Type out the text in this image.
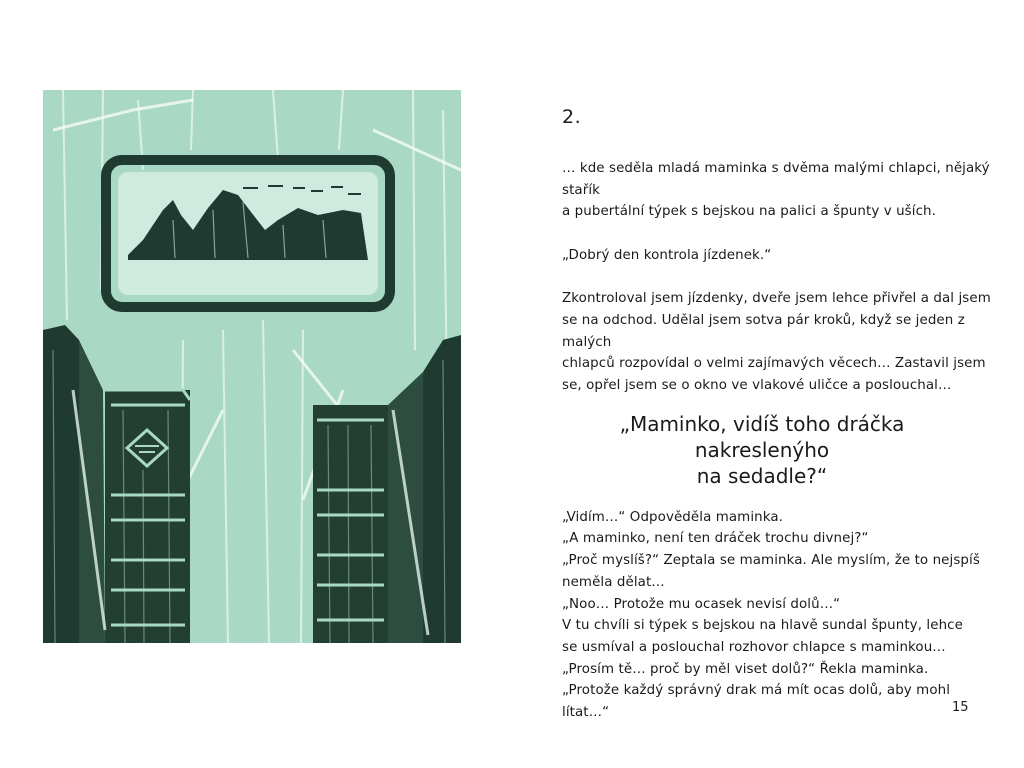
2.

… kde seděla mladá maminka s dvěma malými chlapci, nějaký stařík
a pubertální týpek s bejskou na palici a špunty v uších.

„Dobrý den kontrola jízdenek.“

Zkontroloval jsem jízdenky, dveře jsem lehce přivřel a dal jsem
se na odchod. Udělal jsem sotva pár kroků, když se jeden z malých
chlapců rozpovídal o velmi zajímavých věcech… Zastavil jsem
se, opřel jsem se o okno ve vlakové uličce a poslouchal…

„Maminko, vidíš toho dráčka nakreslenýho
na sedadle?“

„Vidím…“ Odpověděla maminka.
„A maminko, není ten dráček trochu divnej?“
„Proč myslíš?“ Zeptala se maminka. Ale myslím, že to nejspíš
neměla dělat…
„Noo… Protože mu ocasek nevisí dolů…“
V tu chvíli si týpek s bejskou na hlavě sundal špunty, lehce
se usmíval a poslouchal rozhovor chlapce s maminkou…
„Prosím tě… proč by měl viset dolů?“ Řekla maminka.
„Protože každý správný drak má mít ocas dolů, aby mohl lítat…“	15
